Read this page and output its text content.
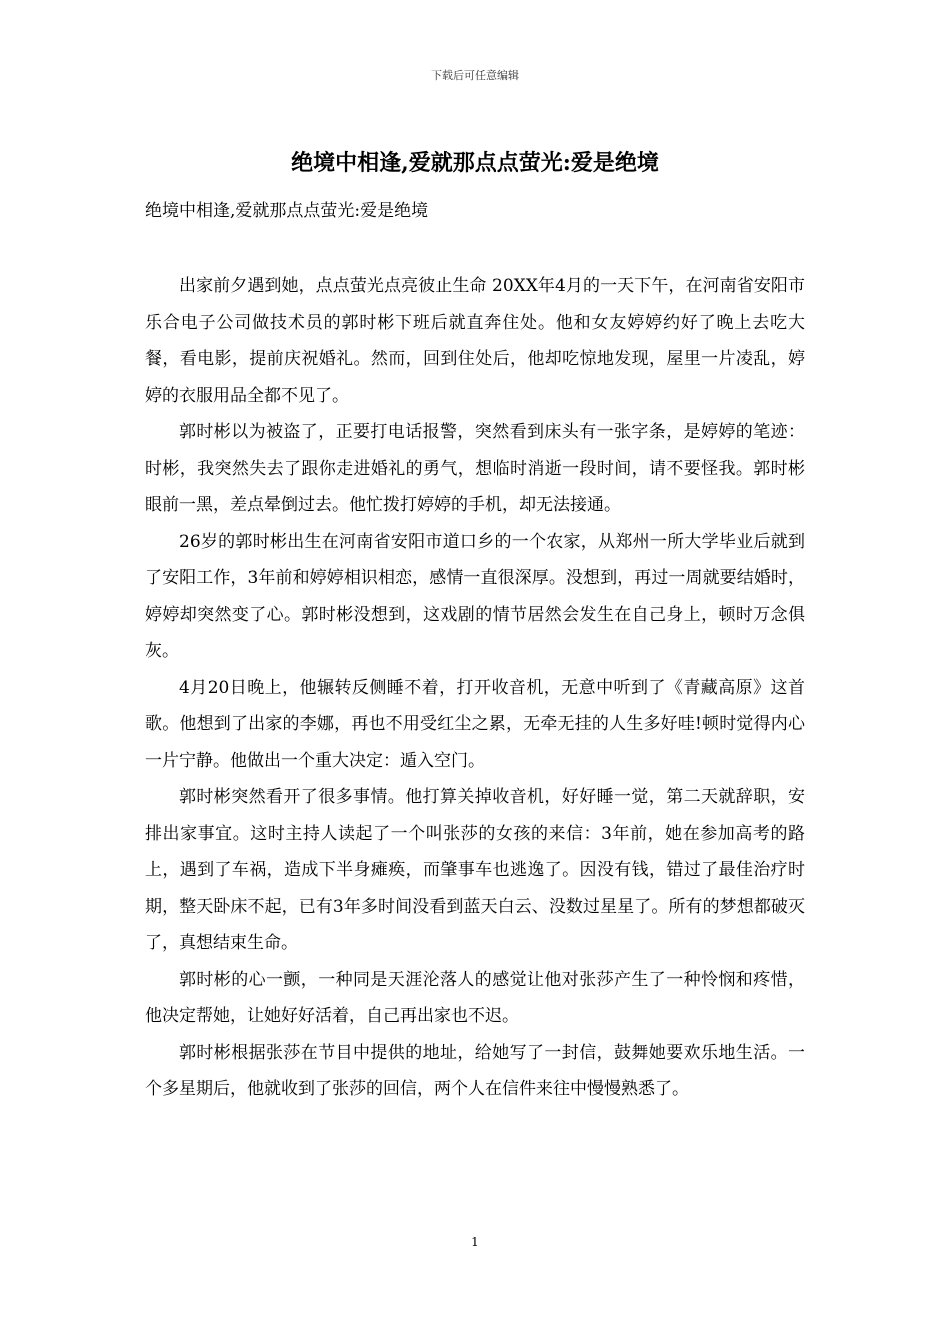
下载后可任意编辑
绝境中相逢,爱就那点点萤光:爱是绝境

绝境中相逢,爱就那点点萤光:爱是绝境

出家前夕遇到她，点点萤光点亮彼止生命 20XX年4月的一天下午，在河南省安阳市乐合电子公司做技术员的郭时彬下班后就直奔住处。他和女友婷婷约好了晚上去吃大餐，看电影，提前庆祝婚礼。然而，回到住处后，他却吃惊地发现，屋里一片凌乱，婷婷的衣服用品全都不见了。

郭时彬以为被盗了，正要打电话报警，突然看到床头有一张字条，是婷婷的笔迹：时彬，我突然失去了跟你走进婚礼的勇气，想临时消逝一段时间，请不要怪我。郭时彬眼前一黑，差点晕倒过去。他忙拨打婷婷的手机，却无法接通。

26岁的郭时彬出生在河南省安阳市道口乡的一个农家，从郑州一所大学毕业后就到了安阳工作，3年前和婷婷相识相恋，感情一直很深厚。没想到，再过一周就要结婚时，婷婷却突然变了心。郭时彬没想到，这戏剧的情节居然会发生在自己身上，顿时万念俱灰。

4月20日晚上，他辗转反侧睡不着，打开收音机，无意中听到了《青藏高原》这首歌。他想到了出家的李娜，再也不用受红尘之累，无牵无挂的人生多好哇!顿时觉得内心一片宁静。他做出一个重大决定：遁入空门。

郭时彬突然看开了很多事情。他打算关掉收音机，好好睡一觉，第二天就辞职，安排出家事宜。这时主持人读起了一个叫张莎的女孩的来信：3年前，她在参加高考的路上，遇到了车祸，造成下半身瘫痪，而肇事车也逃逸了。因没有钱，错过了最佳治疗时期，整天卧床不起，已有3年多时间没看到蓝天白云、没数过星星了。所有的梦想都破灭了，真想结束生命。

郭时彬的心一颤，一种同是天涯沦落人的感觉让他对张莎产生了一种怜悯和疼惜，他决定帮她，让她好好活着，自己再出家也不迟。

郭时彬根据张莎在节目中提供的地址，给她写了一封信，鼓舞她要欢乐地生活。一个多星期后，他就收到了张莎的回信，两个人在信件来往中慢慢熟悉了。

1
